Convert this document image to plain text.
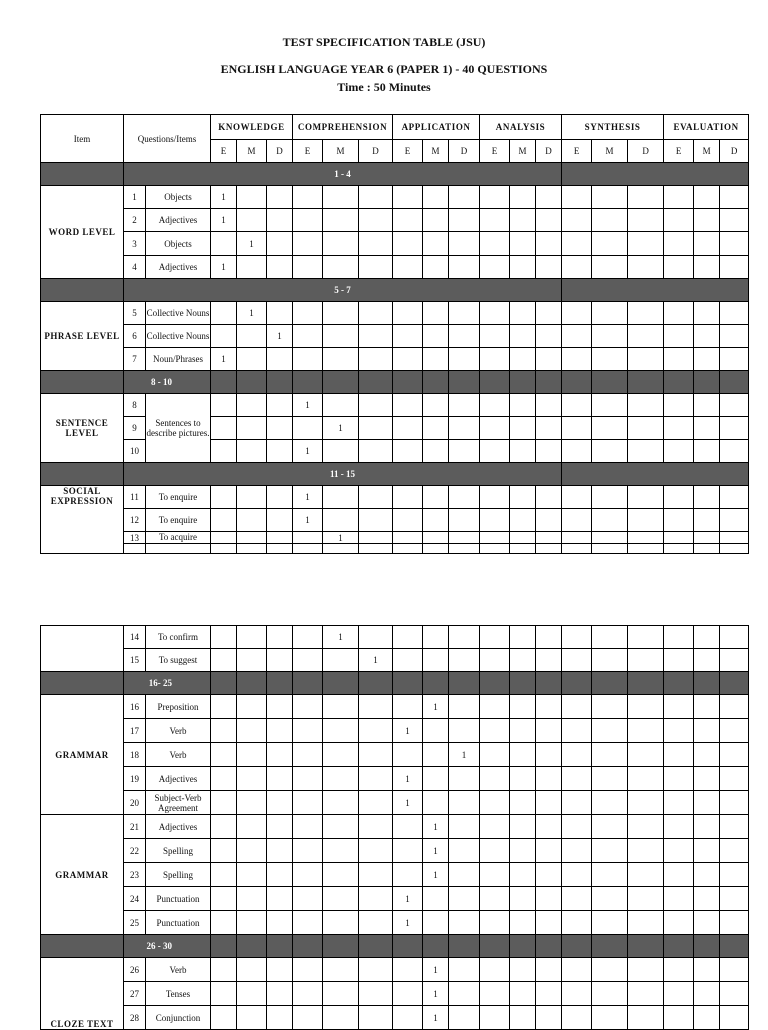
TEST SPECIFICATION TABLE (JSU)
ENGLISH LANGUAGE YEAR 6 (PAPER 1) - 40 QUESTIONS
Time : 50 Minutes
Item	Questions/Items		KNOWLEDGE			COMPREHENSION			APPLICATION			ANALYSIS			SYNTHESIS			EVALUATION		
			E	M	D	E	M	D	E	M	D	E	M	D	E	M	D	E	M	D
	1 - 4																			
WORD LEVEL	1	Objects	1																	
	2	Adjectives	1																	
	3	Objects		1																
	4	Adjectives	1																	
	5 - 7																			
PHRASE LEVEL	5	Collective Nouns		1																
	6	Collective Nouns			1															
	7	Noun/Phrases	1																	
	8 - 10																			
SENTENCE LEVEL	8	Sentences to describe pictures.				1														
	9						1													
	10					1														
	11 - 15																			
SOCIAL EXPRESSION	11	To enquire				1														
	12	To enquire				1														
	13	To acquire					1													

	14	To confirm					1													
	15	To suggest						1												
	16- 25																			
GRAMMAR	16	Preposition								1										
	17	Verb							1											
	18	Verb									1									
	19	Adjectives							1											
	20	Subject-Verb Agreement							1											
GRAMMAR	21	Adjectives								1										
	22	Spelling								1										
	23	Spelling								1										
	24	Punctuation							1											
	25	Punctuation							1											
	26 - 30																			
CLOZE TEXT	26	Verb								1										
	27	Tenses								1										
	28	Conjunction								1										
